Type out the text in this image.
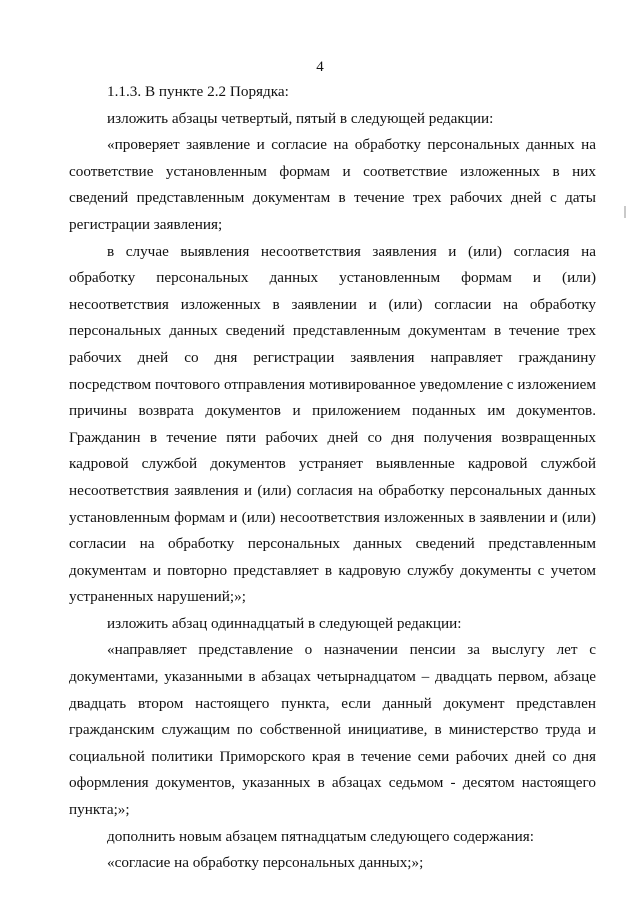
4

1.1.3. В пункте 2.2 Порядка:

изложить абзацы четвертый, пятый в следующей редакции:

«проверяет заявление и согласие на обработку персональных данных на соответствие установленным формам и соответствие изложенных в них сведений представленным документам в течение трех рабочих дней с даты регистрации заявления;

в случае выявления несоответствия заявления и (или) согласия на обработку персональных данных установленным формам и (или) несоответствия изложенных в заявлении и (или) согласии на обработку персональных данных сведений представленным документам в течение трех рабочих дней со дня регистрации заявления направляет гражданину посредством почтового отправления мотивированное уведомление с изложением причины возврата документов и приложением поданных им документов. Гражданин в течение пяти рабочих дней со дня получения возвращенных кадровой службой документов устраняет выявленные кадровой службой несоответствия заявления и (или) согласия на обработку персональных данных установленным формам и (или) несоответствия изложенных в заявлении и (или) согласии на обработку персональных данных сведений представленным документам и повторно представляет в кадровую службу документы с учетом устраненных нарушений;»;

изложить абзац одиннадцатый в следующей редакции:

«направляет представление о назначении пенсии за выслугу лет с документами, указанными в абзацах четырнадцатом – двадцать первом, абзаце двадцать втором настоящего пункта, если данный документ представлен гражданским служащим по собственной инициативе, в министерство труда и социальной политики Приморского края в течение семи рабочих дней со дня оформления документов, указанных в абзацах седьмом - десятом настоящего пункта;»;

дополнить новым абзацем пятнадцатым следующего содержания:

«согласие на обработку персональных данных;»;
